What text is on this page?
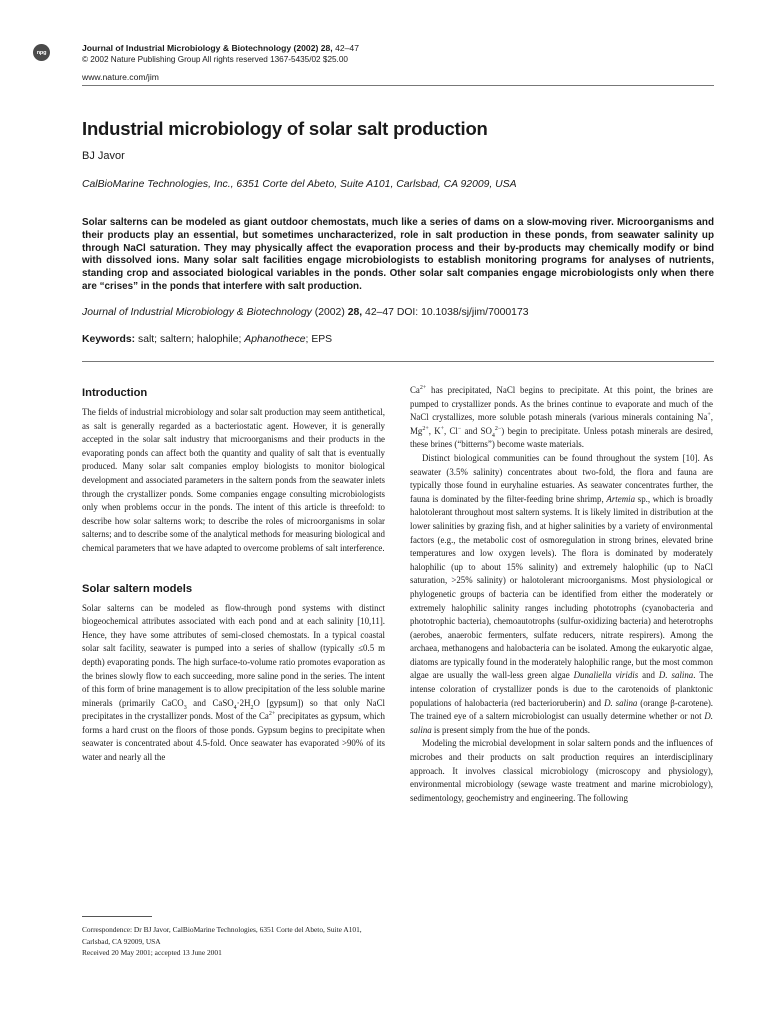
npg	Journal of Industrial Microbiology & Biotechnology (2002) 28, 42–47
© 2002 Nature Publishing Group All rights reserved 1367-5435/02 $25.00
www.nature.com/jim
Industrial microbiology of solar salt production
BJ Javor
CalBioMarine Technologies, Inc., 6351 Corte del Abeto, Suite A101, Carlsbad, CA 92009, USA

Solar salterns can be modeled as giant outdoor chemostats, much like a series of dams on a slow-moving river. Microorganisms and their products play an essential, but sometimes uncharacterized, role in salt production in these ponds, from seawater salinity up through NaCl saturation. They may physically affect the evaporation process and their by-products may chemically modify or bind with dissolved ions. Many solar salt facilities engage microbiologists to establish monitoring programs for analyses of nutrients, standing crop and associated biological variables in the ponds. Other solar salt companies engage microbiologists only when there are “crises” in the ponds that interfere with salt production.

Journal of Industrial Microbiology & Biotechnology (2002) 28, 42–47 DOI: 10.1038/sj/jim/7000173
Keywords: salt; saltern; halophile; Aphanothece; EPS
Introduction

The fields of industrial microbiology and solar salt production may seem antithetical, as salt is generally regarded as a bacteriostatic agent. However, it is generally accepted in the solar salt industry that microorganisms and their products in the evaporating ponds can affect both the quantity and quality of salt that is eventually produced. Many solar salt companies employ biologists to monitor biological development and associated parameters in the saltern ponds from the seawater inlets through the crystallizer ponds. Some companies engage consulting microbiologists only when problems occur in the ponds. The intent of this article is threefold: to describe how solar salterns work; to describe the roles of microorganisms in solar salterns; and to describe some of the analytical methods for measuring biological and chemical parameters that we have adapted to overcome problems of salt interference.

Solar saltern models

Solar salterns can be modeled as flow-through pond systems with distinct biogeochemical attributes associated with each pond and at each salinity [10,11]. Hence, they have some attributes of semi-closed chemostats. In a typical coastal solar salt facility, seawater is pumped into a series of shallow (typically ≤0.5 m depth) evaporating ponds. The high surface-to-volume ratio promotes evaporation as the brines slowly flow to each succeeding, more saline pond in the series. The intent of this form of brine management is to allow precipitation of the less soluble marine minerals (primarily CaCO$_3$ and $CaSO_4\cdot 2H_2O$ [gypsum]) so that only NaCl precipitates in the crystallizer ponds. Most of the $Ca^{2+}$ precipitates as gypsum, which forms a hard crust on the floors of those ponds. Gypsum begins to precipitate when seawater is concentrated about 4.5-fold. Once seawater has evaporated >90% of its water and nearly all the

$Ca^{2+}$ has precipitated, NaCl begins to precipitate. At this point, the brines are pumped to crystallizer ponds. As the brines continue to evaporate and much of the NaCl crystallizes, more soluble potash minerals (various minerals containing Na+, $Mg^{2+}$, K+, Cl− and $SO_4^{2-}$) begin to precipitate. Unless potash minerals are desired, these brines (“bitterns”) become waste materials.

Distinct biological communities can be found throughout the system [10]. As seawater (3.5% salinity) concentrates about two-fold, the flora and fauna are typically those found in euryhaline estuaries. As seawater concentrates further, the fauna is dominated by the filter-feeding brine shrimp, Artemia sp., which is broadly halotolerant throughout most saltern systems. It is likely limited in distribution at the lower salinities by grazing fish, and at higher salinities by a variety of environmental factors (e.g., the metabolic cost of osmoregulation in strong brines, elevated brine temperatures and low oxygen levels). The flora is dominated by moderately halophilic (up to about 15% salinity) and extremely halophilic (up to NaCl saturation, >25% salinity) or halotolerant microorganisms. Most physiological or phylogenetic groups of bacteria can be identified from either the moderately or extremely halophilic salinity ranges including phototrophs (cyanobacteria and phototrophic bacteria), chemoautotrophs (sulfur-oxidizing bacteria) and heterotrophs (aerobes, anaerobic fermenters, sulfate reducers, nitrate respirers). Among the archaea, methanogens and halobacteria can be isolated. Among the eukaryotic algae, diatoms are typically found in the moderately halophilic range, but the most common algae are usually the wall-less green algae Dunaliella viridis and D. salina. The intense coloration of crystallizer ponds is due to the carotenoids of planktonic populations of halobacteria (red bacterioruberin) and D. salina (orange β-carotene). The trained eye of a saltern microbiologist can usually determine whether or not D. salina is present simply from the hue of the ponds.

Modeling the microbial development in solar saltern ponds and the influences of microbes and their products on salt production requires an interdisciplinary approach. It involves classical microbiology (microscopy and physiology), environmental microbiology (sewage waste treatment and marine microbiology), sedimentology, geochemistry and engineering. The following

Correspondence: Dr BJ Javor, CalBioMarine Technologies, 6351 Corte del Abeto, Suite A101, Carlsbad, CA 92009, USA

Received 20 May 2001; accepted 13 June 2001
